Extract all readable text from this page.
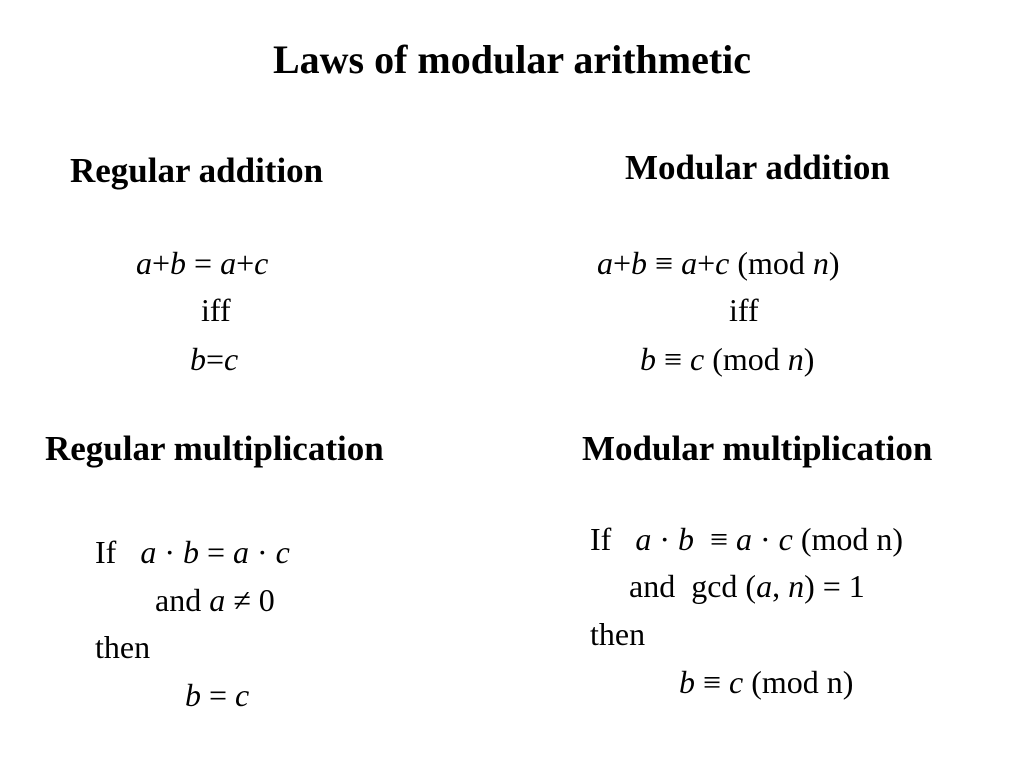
Laws of modular arithmetic
Regular addition
a+b = a+c
iff
b=c
Modular addition
a+b ≡ a+c (mod n)
iff
b ≡ c (mod n)
Regular multiplication
If   a · b = a · c
and a ≠ 0
then
b = c
Modular multiplication
If   a · b  ≡ a · c (mod n)
and  gcd (a, n) = 1
then
b ≡ c (mod n)
